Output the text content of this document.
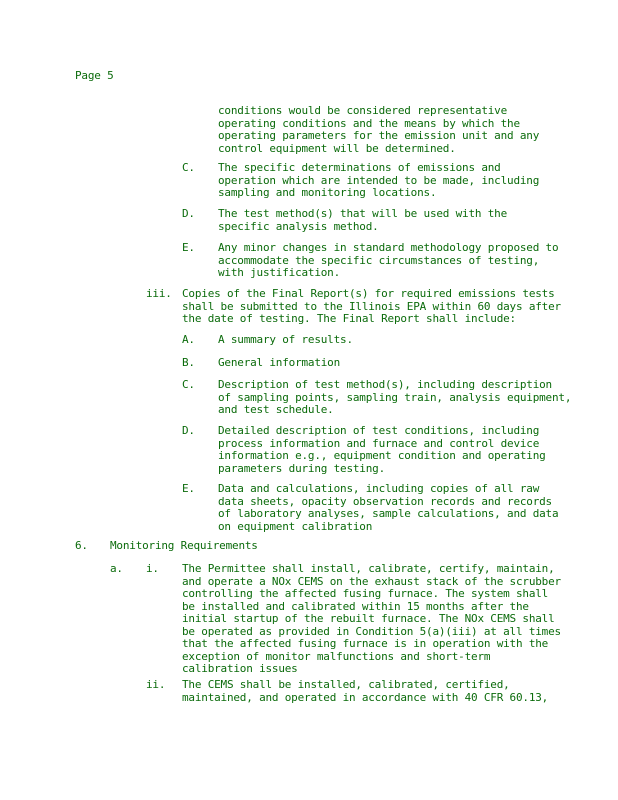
Page 5
conditions would be considered representative
operating conditions and the means by which the
operating parameters for the emission unit and any
control equipment will be determined.
C. The specific determinations of emissions and
operation which are intended to be made, including
sampling and monitoring locations.
D. The test method(s) that will be used with the
specific analysis method.
E. Any minor changes in standard methodology proposed to
accommodate the specific circumstances of testing,
with justification.
iii. Copies of the Final Report(s) for required emissions tests
shall be submitted to the Illinois EPA within 60 days after
the date of testing. The Final Report shall include:
A. A summary of results.
B. General information
C. Description of test method(s), including description
of sampling points, sampling train, analysis equipment,
and test schedule.
D. Detailed description of test conditions, including
process information and furnace and control device
information e.g., equipment condition and operating
parameters during testing.
E. Data and calculations, including copies of all raw
data sheets, opacity observation records and records
of laboratory analyses, sample calculations, and data
on equipment calibration
6. Monitoring Requirements
a. i. The Permittee shall install, calibrate, certify, maintain,
and operate a NOx CEMS on the exhaust stack of the scrubber
controlling the affected fusing furnace. The system shall
be installed and calibrated within 15 months after the
initial startup of the rebuilt furnace. The NOx CEMS shall
be operated as provided in Condition 5(a)(iii) at all times
that the affected fusing furnace is in operation with the
exception of monitor malfunctions and short-term
calibration issues
ii. The CEMS shall be installed, calibrated, certified,
maintained, and operated in accordance with 40 CFR 60.13,
